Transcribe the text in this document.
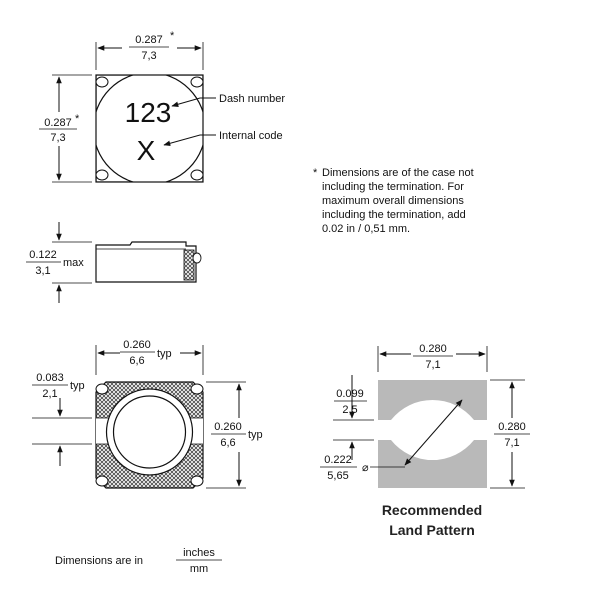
0.287 *
7,3
0.287 *
7,3
123
X
Dash number
Internal code
* Dimensions are of the case not
including the termination. For
maximum overall dimensions
including the termination, add
0.02 in / 0,51 mm.
0.122
3,1
max
0.260
6,6
typ
0.083
2,1
typ
0.260
6,6
typ
0.280
7,1
0.099
2,5
0.222
⌀
5,65
0.280
7,1
Recommended
Land Pattern
Dimensions are in
inches
mm
